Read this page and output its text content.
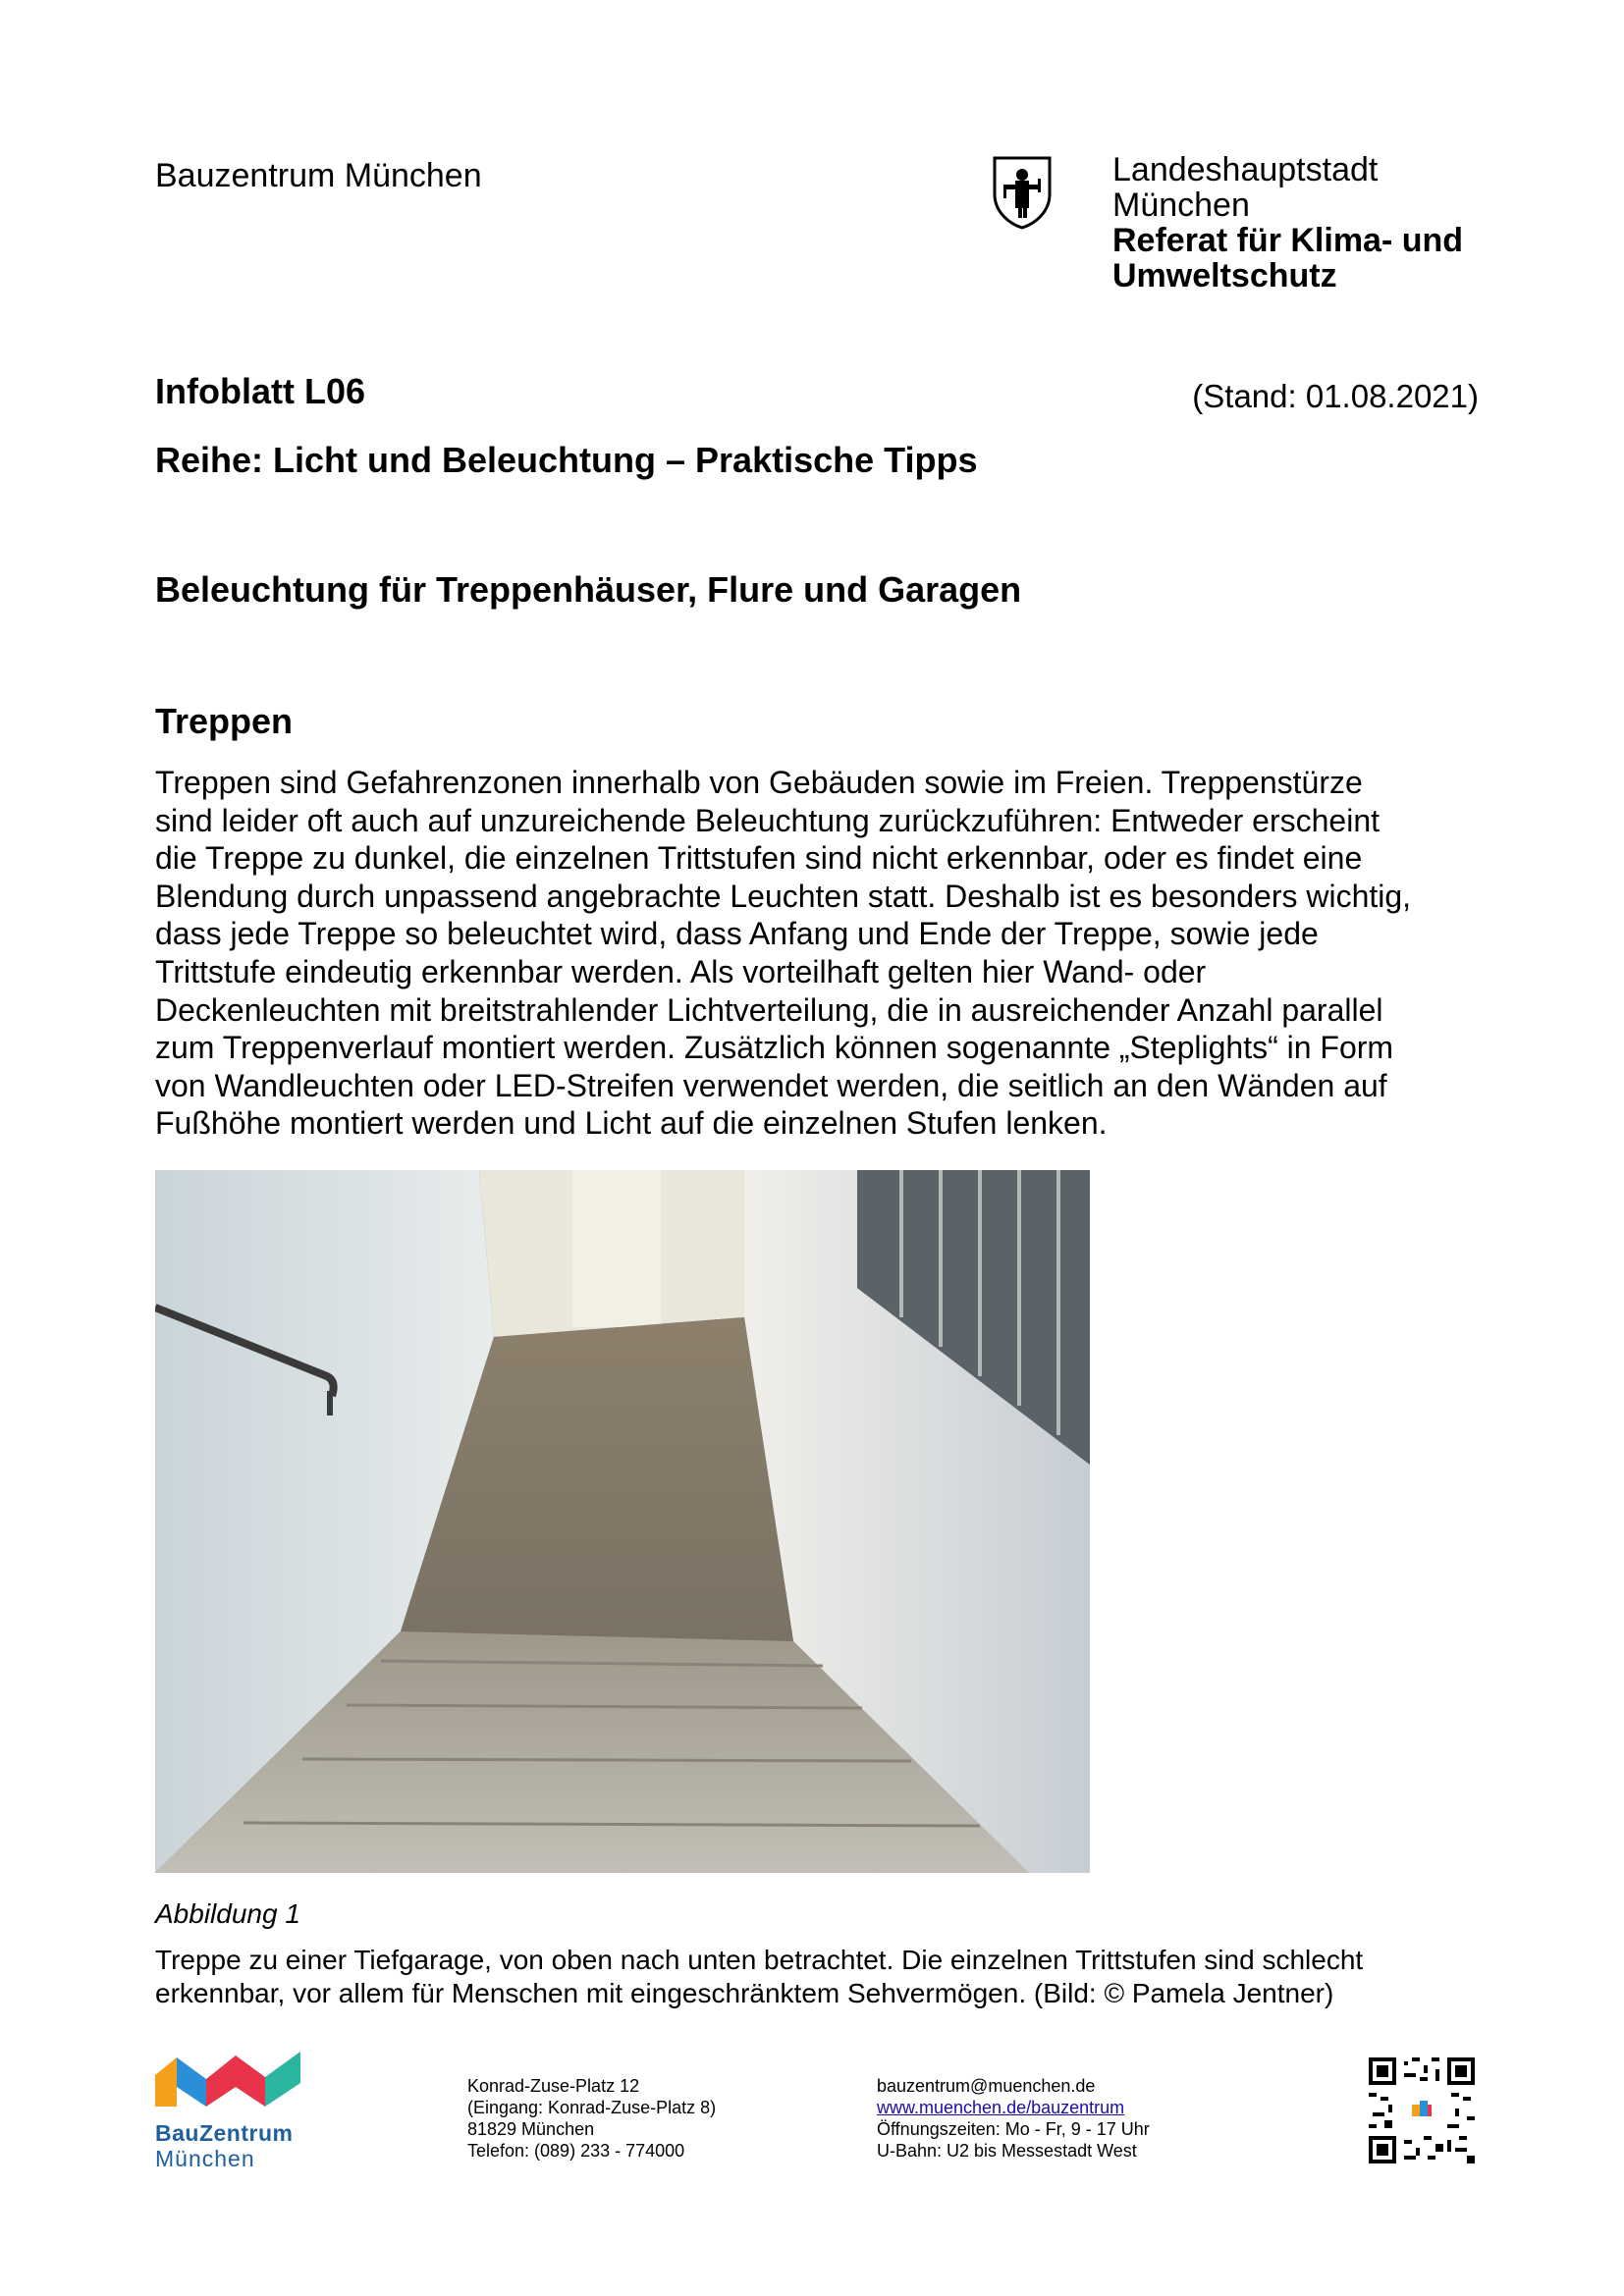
Bauzentrum München	Landeshauptstadt
München
Referat für Klima- und
Umweltschutz
Infoblatt L06	(Stand: 01.08.2021)
Reihe: Licht und Beleuchtung – Praktische Tipps
Beleuchtung für Treppenhäuser, Flure und Garagen
Treppen
Treppen sind Gefahrenzonen innerhalb von Gebäuden sowie im Freien. Treppenstürze
sind leider oft auch auf unzureichende Beleuchtung zurückzuführen: Entweder erscheint
die Treppe zu dunkel, die einzelnen Trittstufen sind nicht erkennbar, oder es findet eine
Blendung durch unpassend angebrachte Leuchten statt. Deshalb ist es besonders wichtig,
dass jede Treppe so beleuchtet wird, dass Anfang und Ende der Treppe, sowie jede
Trittstufe eindeutig erkennbar werden. Als vorteilhaft gelten hier Wand- oder
Deckenleuchten mit breitstrahlender Lichtverteilung, die in ausreichender Anzahl parallel
zum Treppenverlauf montiert werden. Zusätzlich können sogenannte „Steplights“ in Form
von Wandleuchten oder LED-Streifen verwendet werden, die seitlich an den Wänden auf
Fußhöhe montiert werden und Licht auf die einzelnen Stufen lenken.
Abbildung 1
Treppe zu einer Tiefgarage, von oben nach unten betrachtet. Die einzelnen Trittstufen sind schlecht
erkennbar, vor allem für Menschen mit eingeschränktem Sehvermögen. (Bild: © Pamela Jentner)
BauZentrum
München
Konrad-Zuse-Platz 12
(Eingang: Konrad-Zuse-Platz 8)
81829 München
Telefon: (089) 233 - 774000
bauzentrum@muenchen.de
www.muenchen.de/bauzentrum
Öffnungszeiten: Mo - Fr, 9 - 17 Uhr
U-Bahn: U2 bis Messestadt West
